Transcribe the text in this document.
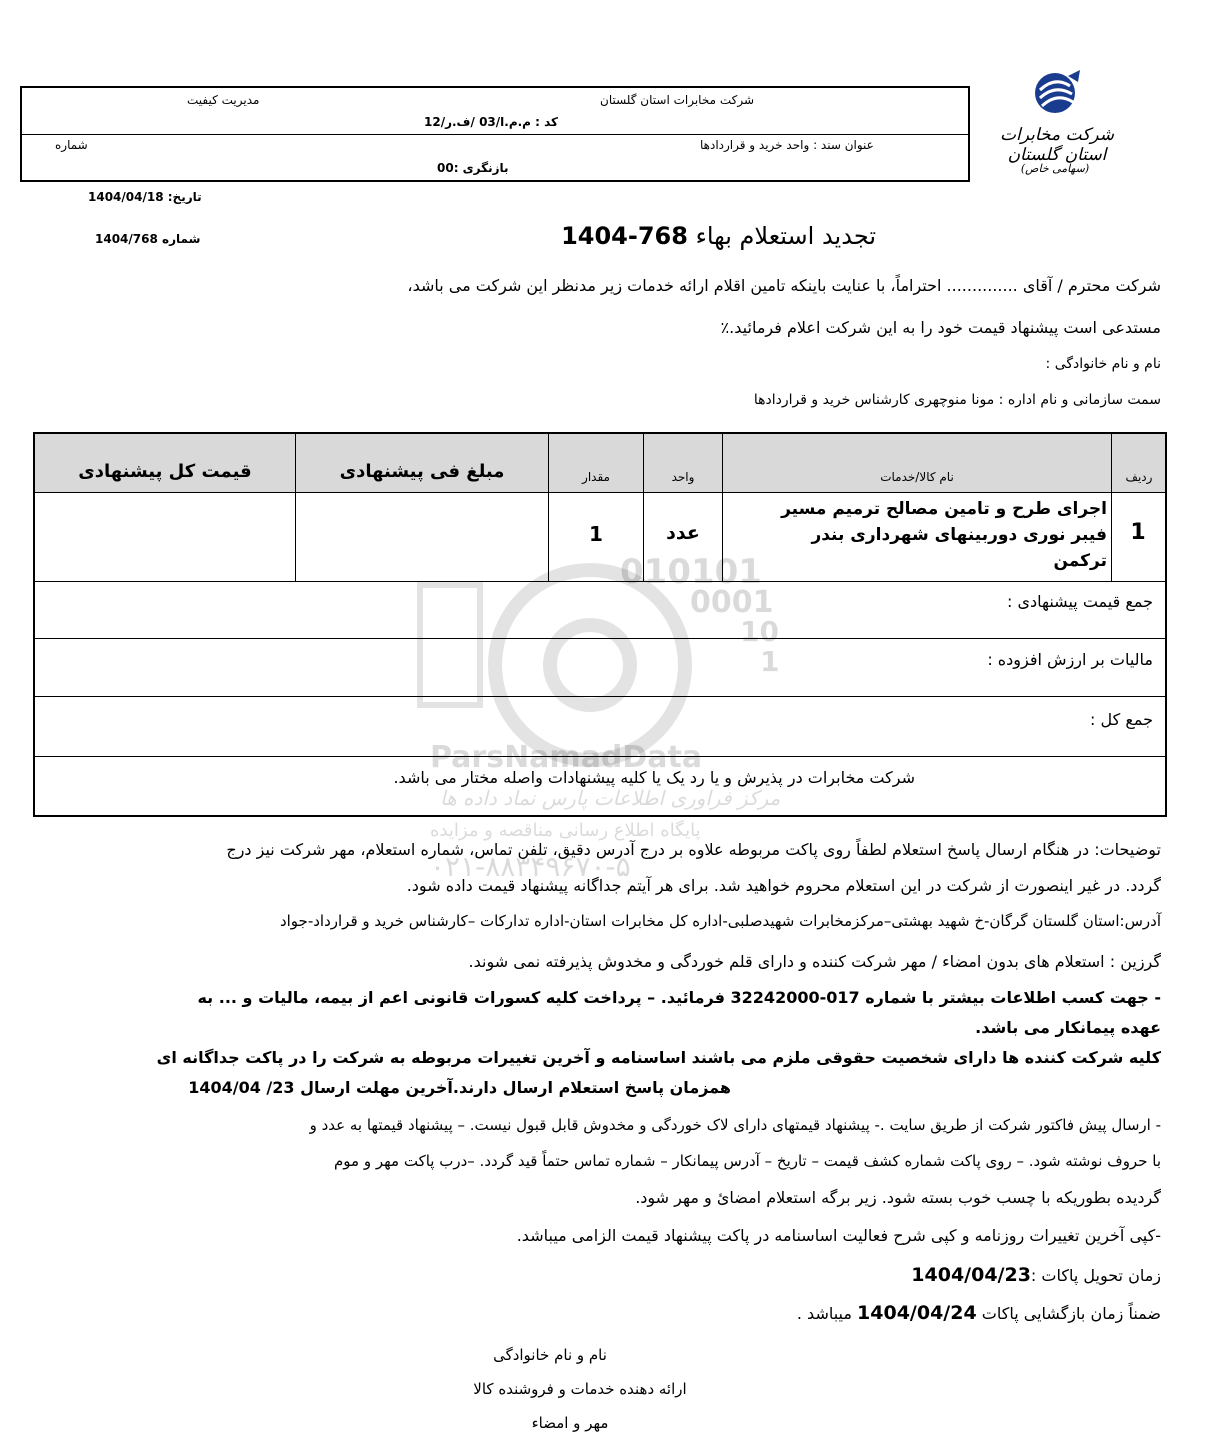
شرکت مخابرات استان گلستان
(سهامی خاص)
شرکت مخابرات استان گلستان
مدیریت کیفیت
کد : م.م.ا/03 /ف.ر/12
عنوان سند : واحد خرید و قراردادها
شماره
بازنگری :00
تاریخ: 1404/04/18
شماره 1404/768	تجدید استعلام بهاء 768-1404
شرکت محترم / آقای .............. احتراماً، با عنایت باینکه تامین اقلام ارائه خدمات زیر مدنظر این شرکت می باشد،
مستدعی است پیشنهاد قیمت خود را به این شرکت اعلام فرمائید.٪
نام و نام خانوادگی :
سمت سازمانی و نام اداره : مونا منوچهری کارشناس خرید و قراردادها
010101
0001
10
1
ParsNamadData
مرکز فراوری اطلاعات پارس نماد داده ها
پایگاه اطلاع رسانی مناقصه و مزایده
۰۲۱-۸۸۳۴۹۶۷۰-۵
ردیف
نام کالا/خدمات
واحد
مقدار
مبلغ فی پیشنهادی
قیمت کل پیشنهادی
1
اجرای طرح و تامین مصالح ترمیم مسیر
فیبر نوری دوربینهای شهرداری بندر
ترکمن
عدد
1
جمع قیمت پیشنهادی :
مالیات بر ارزش افزوده :
جمع کل :
شرکت مخابرات در پذیرش و یا رد یک یا کلیه پیشنهادات واصله مختار می باشد.
توضیحات: در هنگام ارسال پاسخ استعلام لطفاً روی پاکت مربوطه علاوه بر درج آدرس دقیق، تلفن تماس، شماره استعلام، مهر شرکت نیز درج
گردد. در غیر اینصورت از شرکت در این استعلام محروم خواهید شد. برای هر آیتم جداگانه پیشنهاد قیمت داده شود.
آدرس:استان گلستان گرگان-خ شهید بهشتی–مرکزمخابرات شهیدصلبی-اداره کل مخابرات استان-اداره تدارکات –کارشناس خرید و قرارداد-جواد
گرزین : استعلام های بدون امضاء / مهر شرکت کننده و دارای قلم خوردگی و مخدوش پذیرفته نمی شوند.
- جهت کسب اطلاعات بیشتر با شماره 017-32242000 فرمائید. – پرداخت کلیه کسورات قانونی اعم از بیمه، مالیات و ... به
عهده پیمانکار می باشد.
کلیه شرکت کننده ها دارای شخصیت حقوقی ملزم می باشند اساسنامه و آخرین تغییرات مربوطه به شرکت را در پاکت جداگانه ای
همزمان پاسخ استعلام ارسال دارند.آخرین مهلت ارسال 23/ 1404/04
- ارسال پیش فاکتور شرکت از طریق سایت .- پیشنهاد قیمتهای دارای لاک خوردگی و مخدوش قابل قبول نیست. – پیشنهاد قیمتها به عدد و
با حروف نوشته شود. – روی پاکت شماره کشف قیمت – تاریخ – آدرس پیمانکار – شماره تماس حتماً قید گردد. –درب پاکت مهر و موم
گردیده بطوریکه با چسب خوب بسته شود. زیر برگه استعلام امضائ و مهر شود.
-کپی آخرین تغییرات روزنامه و کپی شرح فعالیت اساسنامه در پاکت پیشنهاد قیمت الزامی میباشد.
زمان تحویل پاکات :1404/04/23
ضمناً زمان بازگشایی پاکات 1404/04/24 میباشد .
نام و نام خانوادگی
ارائه دهنده خدمات و فروشنده کالا
مهر و امضاء
